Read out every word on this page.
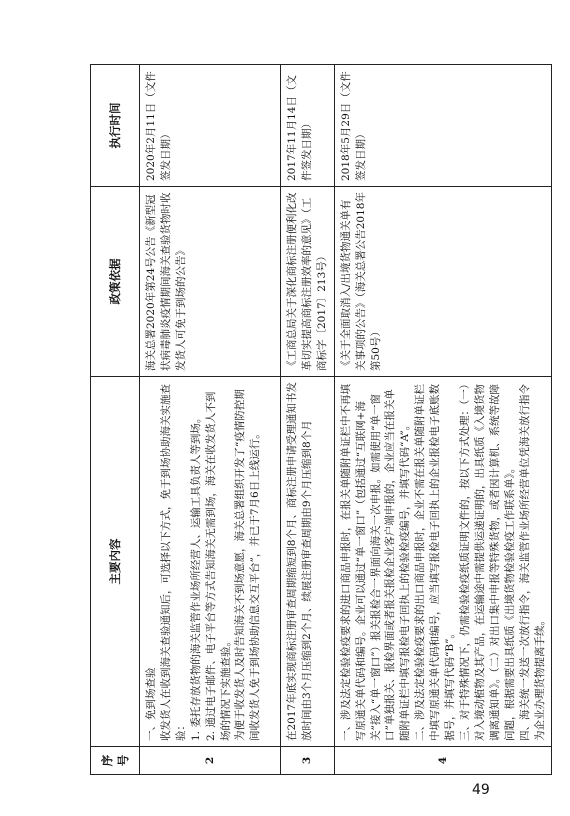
序号	主要内容	政策依据	执行时间
2	一、免到场查验 收发货人在收到海关查验通知后，可选择以下方式，免于到场协助海关实施查验： 1. 委托存放货物的海关监管作业场所经营人、运输工具负责人等到场。 2. 通过电子邮件、电子平台等方式告知海关无需到场，海关在收发货人不到场的情况下实施查验。 为便于收发货人及时告知海关不到场意愿，海关总署组织开发了“疫情防控期间收发货人免于到场协助信息交互平台”，并已于7月6日上线运行。	海关总署2020年第24号公告《新型冠状病毒肺炎疫情期间海关查验货物时收发货人可免于到场的公告》	2020年2月11日（文件签发日期）
3	在2017年底实现商标注册审查周期缩短到8个月、商标注册申请受理通知书发放时间由3个月压缩到2个月、续展注册审查周期由9个月压缩到8个月	《工商总局关于深化商标注册便利化改革切实提高商标注册效率的意见》（工商标字〔2017〕213号）	2017年11月14日（文件签发日期）
4	一、涉及法定检验检疫要求的进口商品申报时，在报关单随附单证栏中不再填写原通关单代码和编号。企业可以通过“单一窗口”（包括通过“互联网+海关”接入“单一窗口”）报关报检合一界面向海关一次申报。如需使用“单一窗口”单独报关、报检界面或者报关报检企业客户端申报的，企业应当在报关单随附单证栏中填写报检电子回执上的检验检疫编号，并填写代码“A”。 二、涉及法定检验检疫要求的出口商品申报时，企业不需在报关单随附单证栏中填写原通关单代码和编号，应当填写报检电子回执上的企业报检电子底账数据号，并填写代码“B”。 三、对于特殊情况下，仍需检验检疫纸质证明文件的，按以下方式处理：（一）对入境动植物及其产品，在运输途中需提供运递证明的，出具纸质《入境货物调离通知单》。（二）对出口集中申报等特殊货物，或者因计算机、系统等故障问题，根据需要出具纸质《出境货物检验检疫工作联系单》。 四、海关统一发送一次放行指令，海关监管作业场所经营单位凭海关放行指令为企业办理货物提离手续。	《关于全面取消入/出境货物通关单有关事项的公告》（海关总署公告2018年第50号）	2018年5月29日（文件签发日期）
49
